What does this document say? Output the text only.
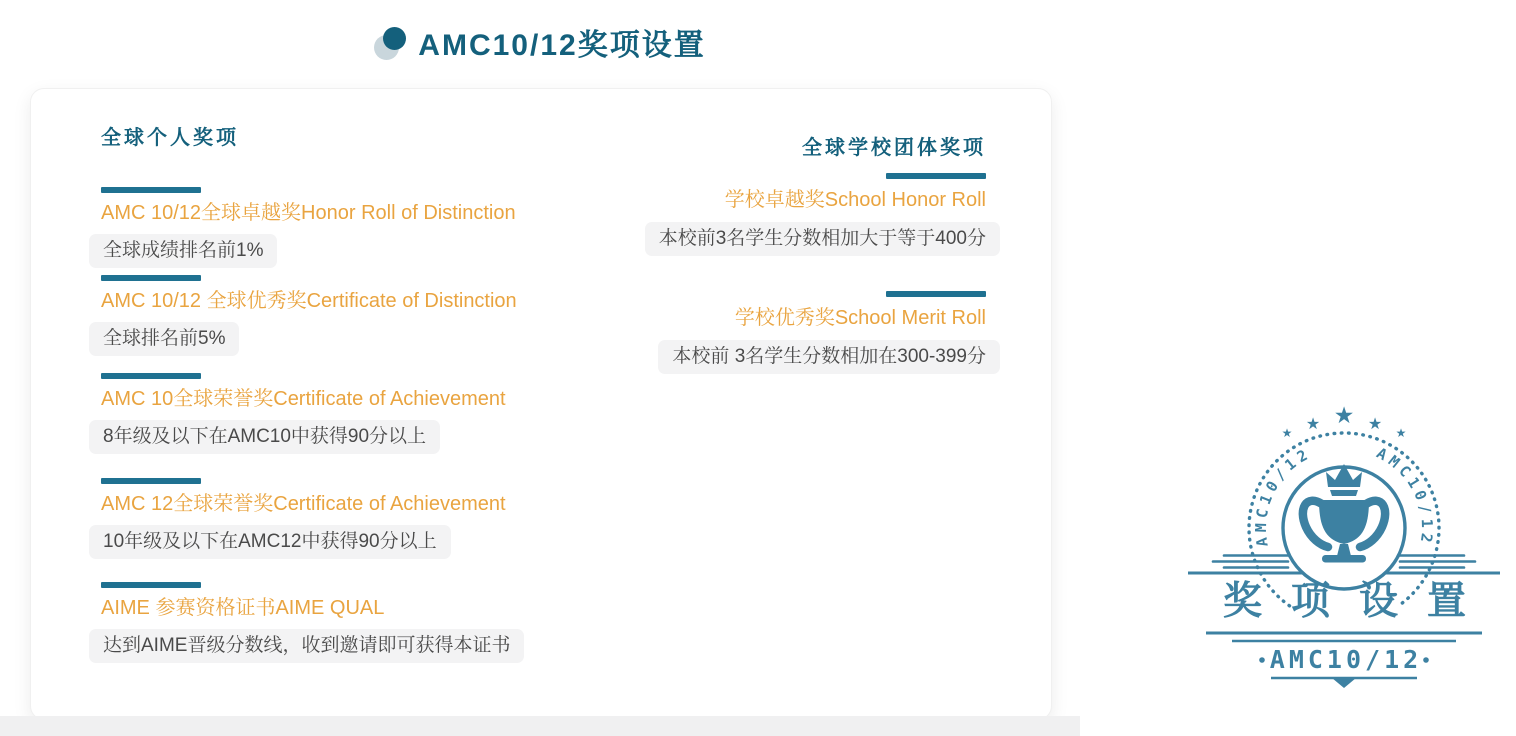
AMC10/12奖项设置
全球个人奖项
AMC 10/12全球卓越奖Honor Roll of Distinction
全球成绩排名前1%
AMC 10/12 全球优秀奖Certificate of Distinction
全球排名前5%
AMC 10全球荣誉奖Certificate of Achievement
8年级及以下在AMC10中获得90分以上
AMC 12全球荣誉奖Certificate of Achievement
10年级及以下在AMC12中获得90分以上
AIME 参赛资格证书AIME QUAL
达到AIME晋级分数线，收到邀请即可获得本证书
全球学校团体奖项
学校卓越奖School Honor Roll
本校前3名学生分数相加大于等于400分
学校优秀奖School Merit Roll
本校前 3名学生分数相加在300-399分
★
★	★
★	★
AMC10/12	AMC10/12
奖项设置
AMC10/12
